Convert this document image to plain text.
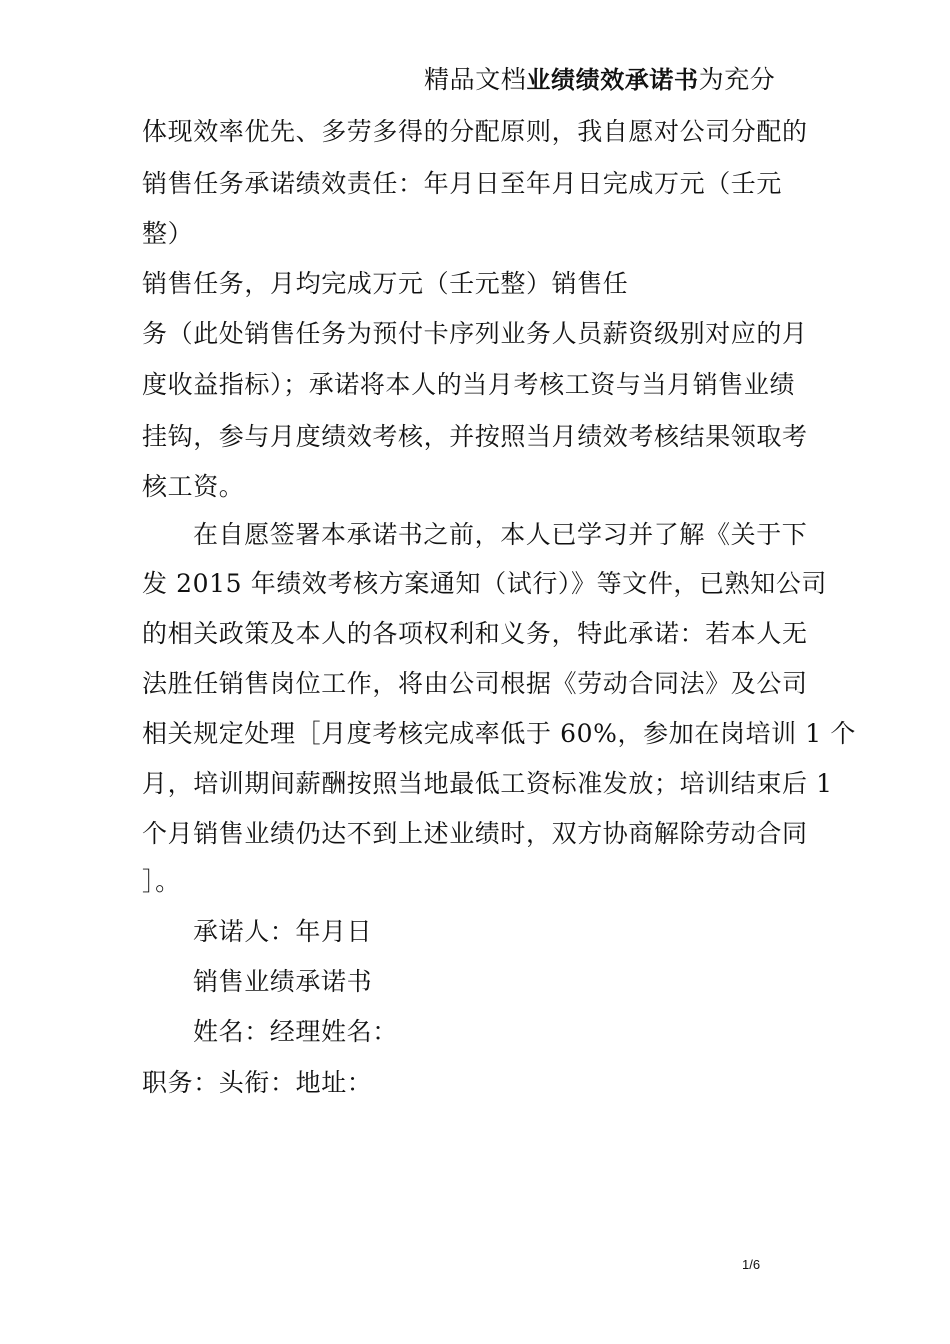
精品文档业绩绩效承诺书为充分
体现效率优先、多劳多得的分配原则，我自愿对公司分配的
销售任务承诺绩效责任：年月日至年月日完成万元（壬元
整）
销售任务，月均完成万元（壬元整）销售任
务（此处销售任务为预付卡序列业务人员薪资级别对应的月
度收益指标）；承诺将本人的当月考核工资与当月销售业绩
挂钩，参与月度绩效考核，并按照当月绩效考核结果领取考
核工资。
在自愿签署本承诺书之前，本人已学习并了解《关于下
发 2015 年绩效考核方案通知（试行）》等文件，已熟知公司
的相关政策及本人的各项权利和义务，特此承诺：若本人无
法胜任销售岗位工作，将由公司根据《劳动合同法》及公司
相关规定处理［月度考核完成率低于 60%，参加在岗培训 1 个
月，培训期间薪酬按照当地最低工资标准发放；培训结束后 1
个月销售业绩仍达不到上述业绩时，双方协商解除劳动合同
］。
承诺人：年月日
销售业绩承诺书
姓名：经理姓名：
职务：头衔：地址：
1/6
